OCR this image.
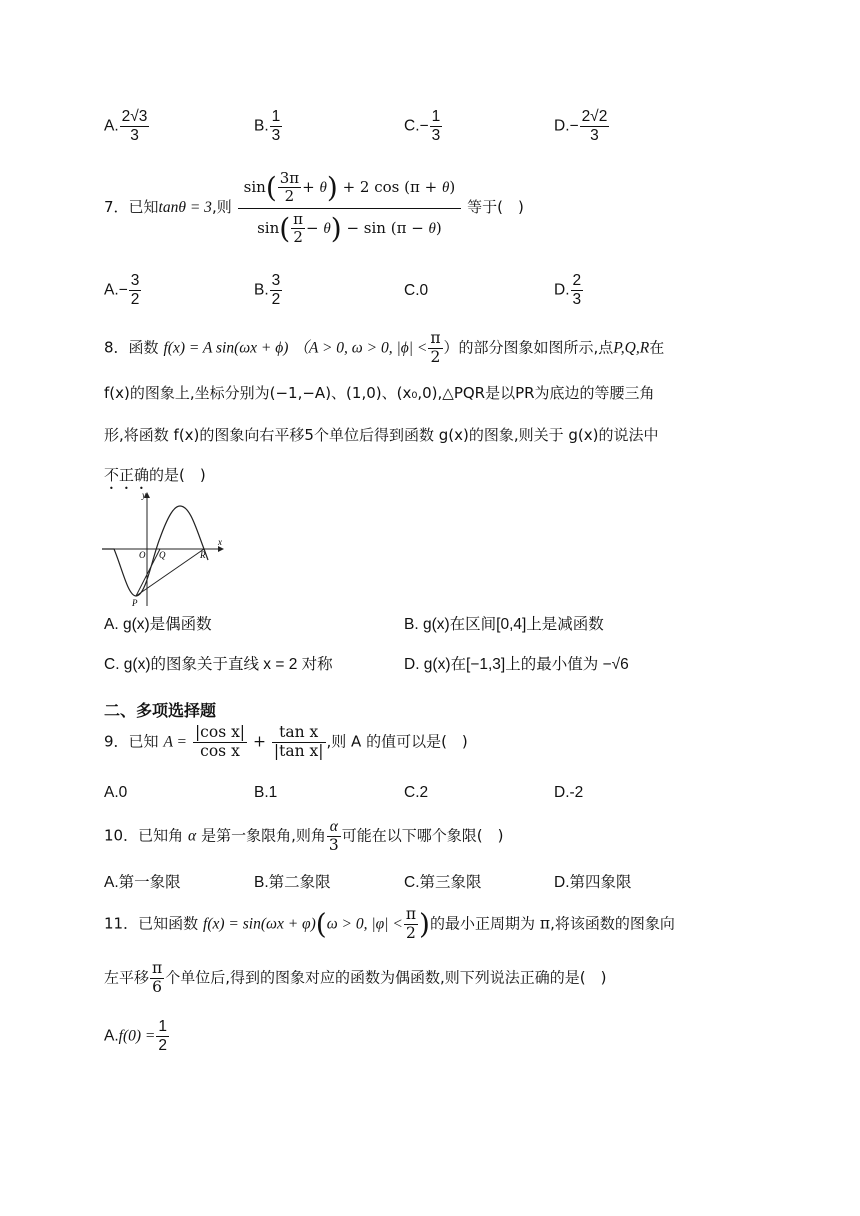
A. $\frac{2√3}{3}$	B. $\frac{1}{3}$	$C.- \frac{1}{3}$	$D.- \frac{2√2}{3}$
7．已知tanθ = 3,则 $\frac{\sin( \frac{3\pi}{2} + \theta) + 2 \cos (\pi + \theta)}{\sin( \frac{\pi}{2} - \theta) - \sin (\pi - \theta)}$ 等于(　)
$A.- \frac{3}{2}$	B. $\frac{3}{2}$	C.0	D. $\frac{2}{3}$
8．函数 f(x) = A sin(ωx + ϕ) （A > 0, ω > 0, $|\phi| < \frac{\pi}{2}$ ）的部分图象如图所示,点P,Q,R在
f(x)的图象上,坐标分别为(−1,−A)、(1,0)、(x₀,0),△PQR是以PR为底边的等腰三角
形,将函数 f(x)的图象向右平移5个单位后得到函数 g(x)的图象,则关于 g(x)的说法中
不正确的是(　)
y
x
O Q	R
P
A. g(x)是偶函数	B. g(x)在区间[0,4]上是减函数
C. g(x)的图象关于直线 x = 2 对称	D. g(x)在[−1,3]上的最小值为 −√6
二、多项选择题
9．已知 $A = \frac{\text{|cos x|}}{\text{cos x}} + \frac{\text{tan x}}{\text{|tan x|}}$ ,则 A 的值可以是(　)
A.0	B.1	C.2	D.-2
10．已知角 α 是第一象限角,则角 $\frac{\alpha}{3}$ 可能在以下哪个象限(　)
A.第一象限	B.第二象限	C.第三象限	D.第四象限
11．已知函数 f(x) = sin(ωx + φ)(ω > 0, $|\varphi| < \frac{\pi}{2}$ )的最小正周期为 π,将该函数的图象向
左平移 $\frac{\pi}{6}$ 个单位后,得到的图象对应的函数为偶函数,则下列说法正确的是(　)
$A.f(0) = \frac{1}{2}$
